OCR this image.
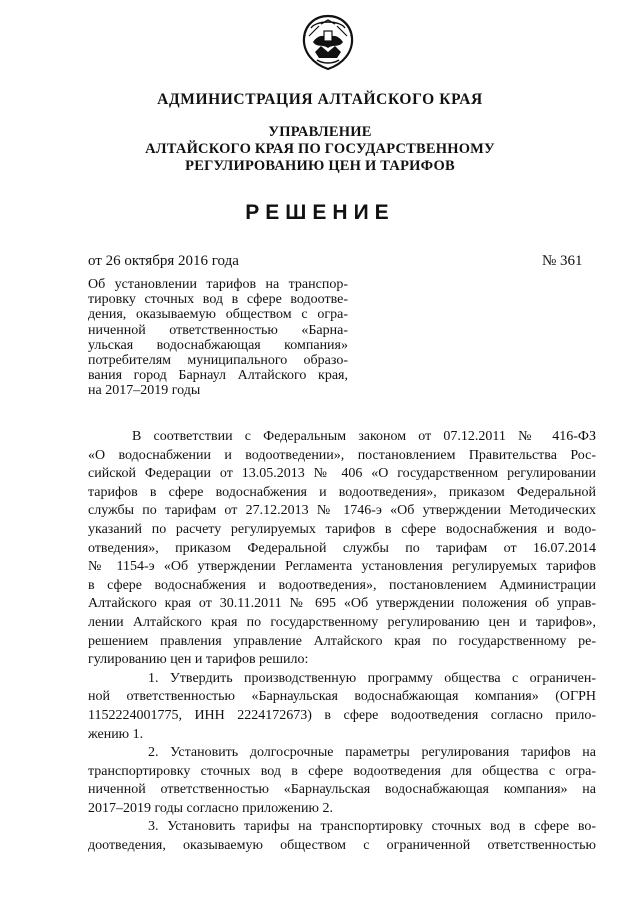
АДМИНИСТРАЦИЯ АЛТАЙСКОГО КРАЯ
УПРАВЛЕНИЕ
АЛТАЙСКОГО КРАЯ ПО ГОСУДАРСТВЕННОМУ
РЕГУЛИРОВАНИЮ ЦЕН И ТАРИФОВ
РЕШЕНИЕ
от 26 октября 2016 года	№ 361
Об установлении тарифов на транспор-
тировку сточных вод в сфере водоотве-
дения, оказываемую обществом с огра-
ниченной ответственностью «Барна-
ульская водоснабжающая компания»
потребителям муниципального образо-
вания город Барнаул Алтайского края,
на 2017–2019 годы
В соответствии с Федеральным законом от 07.12.2011 № 416-ФЗ
«О водоснабжении и водоотведении», постановлением Правительства Рос-
сийской Федерации от 13.05.2013 № 406 «О государственном регулировании
тарифов в сфере водоснабжения и водоотведения», приказом Федеральной
службы по тарифам от 27.12.2013 № 1746-э «Об утверждении Методических
указаний по расчету регулируемых тарифов в сфере водоснабжения и водо-
отведения», приказом Федеральной службы по тарифам от 16.07.2014
№ 1154-э «Об утверждении Регламента установления регулируемых тарифов
в сфере водоснабжения и водоотведения», постановлением Администрации
Алтайского края от 30.11.2011 № 695 «Об утверждении положения об управ-
лении Алтайского края по государственному регулированию цен и тарифов»,
решением правления управление Алтайского края по государственному ре-
гулированию цен и тарифов решило:
1. Утвердить производственную программу общества с ограничен-
ной ответственностью «Барнаульская водоснабжающая компания» (ОГРН
1152224001775, ИНН 2224172673) в сфере водоотведения согласно прило-
жению 1.
2. Установить долгосрочные параметры регулирования тарифов на
транспортировку сточных вод в сфере водоотведения для общества с огра-
ниченной ответственностью «Барнаульская водоснабжающая компания» на
2017–2019 годы согласно приложению 2.
3. Установить тарифы на транспортировку сточных вод в сфере во-
доотведения, оказываемую обществом с ограниченной ответственностью
